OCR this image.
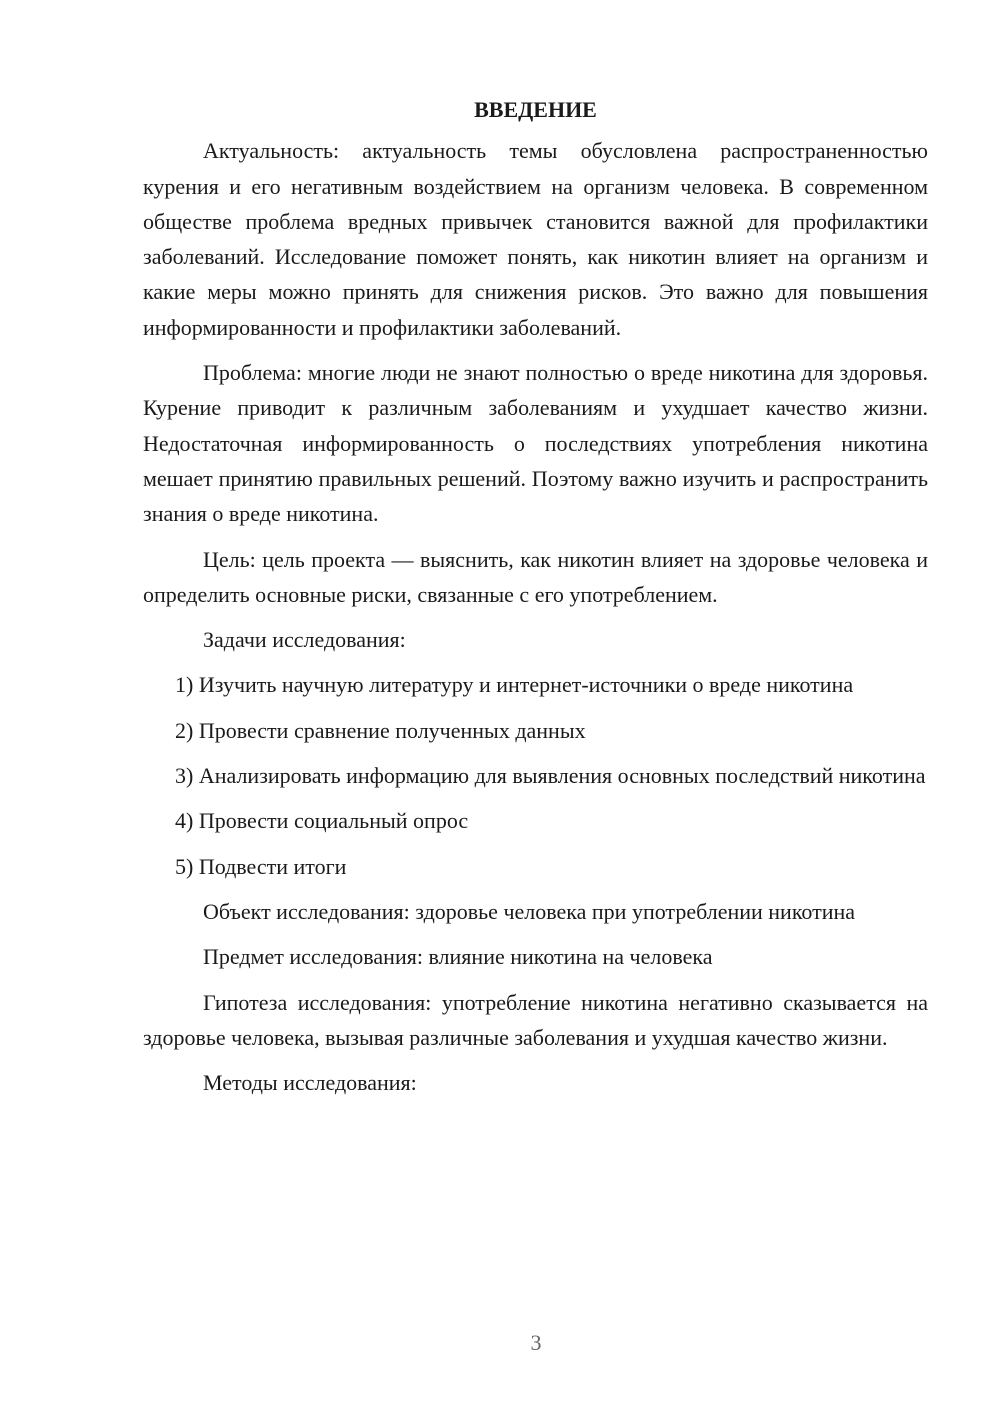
ВВЕДЕНИЕ

Актуальность: актуальность темы обусловлена распространенностью курения и его негативным воздействием на организм человека. В современном обществе проблема вредных привычек становится важной для профилактики заболеваний. Исследование поможет понять, как никотин влияет на организм и какие меры можно принять для снижения рисков. Это важно для повышения информированности и профилактики заболеваний.

Проблема: многие люди не знают полностью о вреде никотина для здоровья. Курение приводит к различным заболеваниям и ухудшает качество жизни. Недостаточная информированность о последствиях употребления никотина мешает принятию правильных решений. Поэтому важно изучить и распространить знания о вреде никотина.

Цель: цель проекта — выяснить, как никотин влияет на здоровье человека и определить основные риски, связанные с его употреблением.

Задачи исследования:

1) Изучить научную литературу и интернет-источники о вреде никотина

2) Провести сравнение полученных данных

3) Анализировать информацию для выявления основных последствий никотина

4) Провести социальный опрос

5) Подвести итоги

Объект исследования: здоровье человека при употреблении никотина

Предмет исследования: влияние никотина на человека

Гипотеза исследования: употребление никотина негативно сказывается на здоровье человека, вызывая различные заболевания и ухудшая качество жизни.

Методы исследования:

3
